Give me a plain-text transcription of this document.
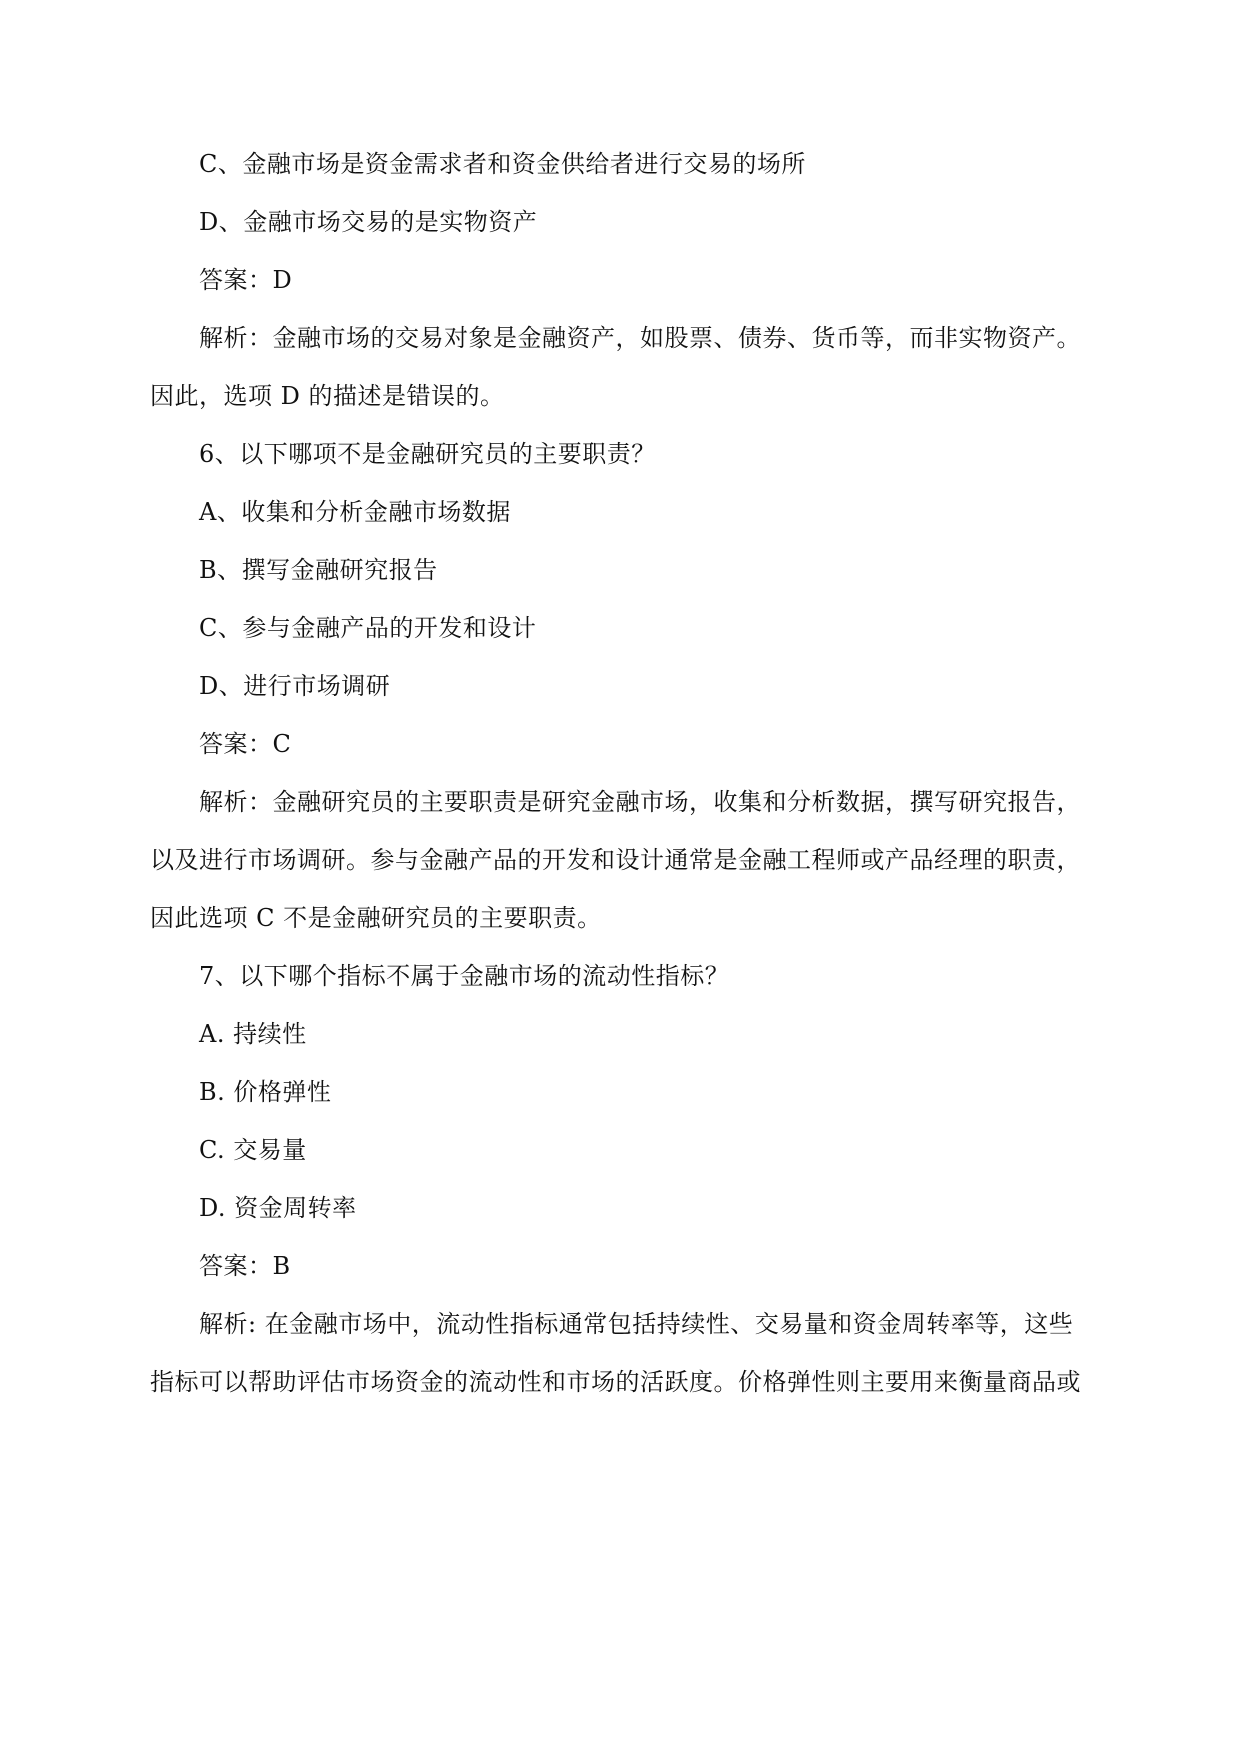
C、金融市场是资金需求者和资金供给者进行交易的场所
D、金融市场交易的是实物资产
答案：D
解析：金融市场的交易对象是金融资产，如股票、债券、货币等，而非实物资产。
因此，选项 D 的描述是错误的。
6、以下哪项不是金融研究员的主要职责？
A、收集和分析金融市场数据
B、撰写金融研究报告
C、参与金融产品的开发和设计
D、进行市场调研
答案：C
解析：金融研究员的主要职责是研究金融市场，收集和分析数据，撰写研究报告，
以及进行市场调研。参与金融产品的开发和设计通常是金融工程师或产品经理的职责，
因此选项 C 不是金融研究员的主要职责。
7、以下哪个指标不属于金融市场的流动性指标？
A. 持续性
B. 价格弹性
C. 交易量
D. 资金周转率
答案：B
解析: 在金融市场中，流动性指标通常包括持续性、交易量和资金周转率等，这些
指标可以帮助评估市场资金的流动性和市场的活跃度。价格弹性则主要用来衡量商品或
